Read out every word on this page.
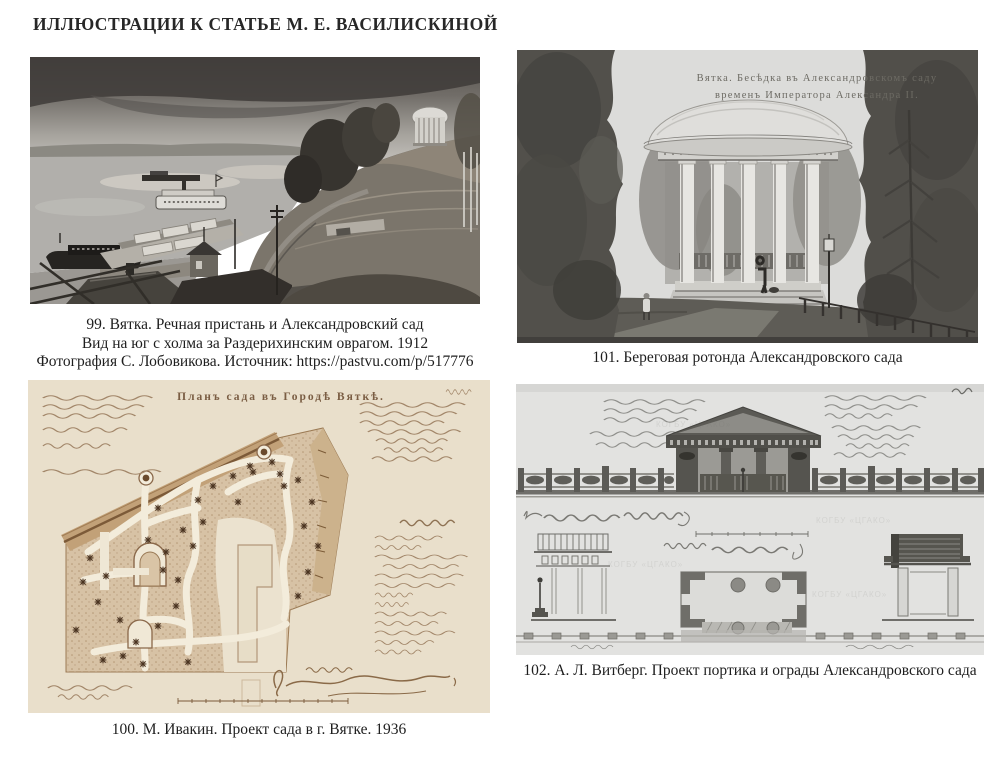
ИЛЛЮСТРАЦИИ К СТАТЬЕ М. Е. ВАСИЛИСКИНОЙ
99. Вятка. Речная пристань и Александровский сад
Вид на юг с холма за Раздерихинским оврагом. 1912
Фотография С. Лобовикова. Источник: https://pastvu.com/p/517776
Вятка. Бесѣдка въ Александровскомъ саду
временъ Императора Александра II.
101. Береговая ротонда Александровского сада
Планъ сада въ Городѣ Вяткѣ.
100. М. Ивакин. Проект сада в г. Вятке. 1936
КОГБУ «ЦГАКО»
КОГБУ «ЦГАКО»
КОГБУ «ЦГАКО»
КОГБУ «ЦГАКО»
102. А. Л. Витберг. Проект портика и ограды Александровского сада
